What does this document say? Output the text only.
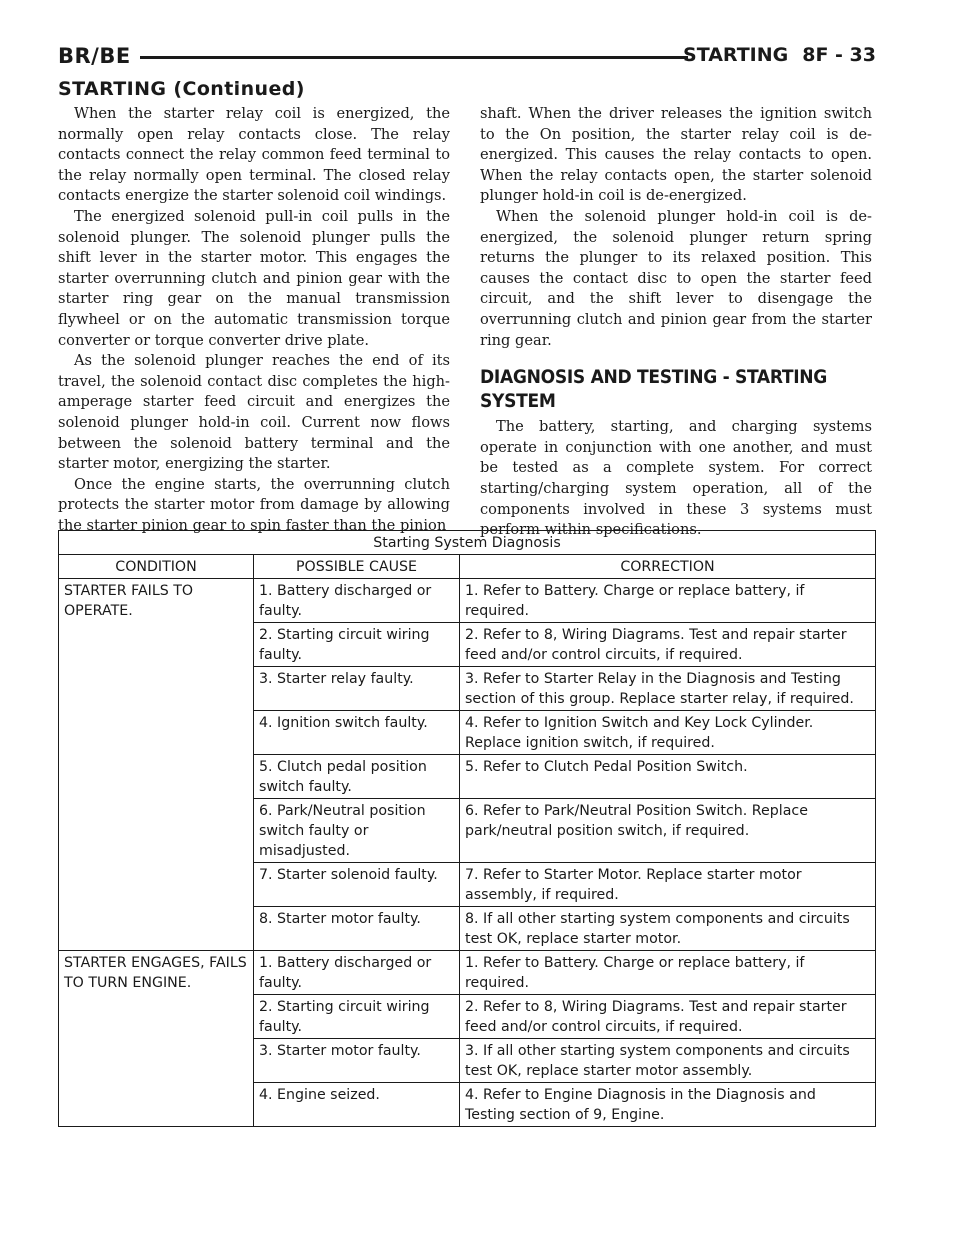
BR/BE	STARTING 8F - 33
STARTING (Continued)

When the starter relay coil is energized, the normally open relay contacts close. The relay contacts connect the relay common feed terminal to the relay normally open terminal. The closed relay contacts energize the starter solenoid coil windings.

The energized solenoid pull-in coil pulls in the solenoid plunger. The solenoid plunger pulls the shift lever in the starter motor. This engages the starter overrunning clutch and pinion gear with the starter ring gear on the manual transmission flywheel or on the automatic transmission torque converter or torque converter drive plate.

As the solenoid plunger reaches the end of its travel, the solenoid contact disc completes the high-amperage starter feed circuit and energizes the solenoid plunger hold-in coil. Current now flows between the solenoid battery terminal and the starter motor, energizing the starter.

Once the engine starts, the overrunning clutch protects the starter motor from damage by allowing the starter pinion gear to spin faster than the pinion

shaft. When the driver releases the ignition switch to the On position, the starter relay coil is de-energized. This causes the relay contacts to open. When the relay contacts open, the starter solenoid plunger hold-in coil is de-energized.

When the solenoid plunger hold-in coil is de-energized, the solenoid plunger return spring returns the plunger to its relaxed position. This causes the contact disc to open the starter feed circuit, and the shift lever to disengage the overrunning clutch and pinion gear from the starter ring gear.

DIAGNOSIS AND TESTING - STARTING SYSTEM

The battery, starting, and charging systems operate in conjunction with one another, and must be tested as a complete system. For correct starting/charging system operation, all of the components involved in these 3 systems must perform within specifications.

Starting System Diagnosis		
CONDITION	POSSIBLE CAUSE	CORRECTION
STARTER FAILS TO OPERATE.	1. Battery discharged or faulty.	1. Refer to Battery. Charge or replace battery, if required.
	2. Starting circuit wiring faulty.	2. Refer to 8, Wiring Diagrams. Test and repair starter feed and/or control circuits, if required.
	3. Starter relay faulty.	3. Refer to Starter Relay in the Diagnosis and Testing section of this group. Replace starter relay, if required.
	4. Ignition switch faulty.	4. Refer to Ignition Switch and Key Lock Cylinder. Replace ignition switch, if required.
	5. Clutch pedal position switch faulty.	5. Refer to Clutch Pedal Position Switch.
	6. Park/Neutral position switch faulty or misadjusted.	6. Refer to Park/Neutral Position Switch. Replace park/neutral position switch, if required.
	7. Starter solenoid faulty.	7. Refer to Starter Motor. Replace starter motor assembly, if required.
	8. Starter motor faulty.	8. If all other starting system components and circuits test OK, replace starter motor.
STARTER ENGAGES, FAILS TO TURN ENGINE.	1. Battery discharged or faulty.	1. Refer to Battery. Charge or replace battery, if required.
	2. Starting circuit wiring faulty.	2. Refer to 8, Wiring Diagrams. Test and repair starter feed and/or control circuits, if required.
	3. Starter motor faulty.	3. If all other starting system components and circuits test OK, replace starter motor assembly.
	4. Engine seized.	4. Refer to Engine Diagnosis in the Diagnosis and Testing section of 9, Engine.
